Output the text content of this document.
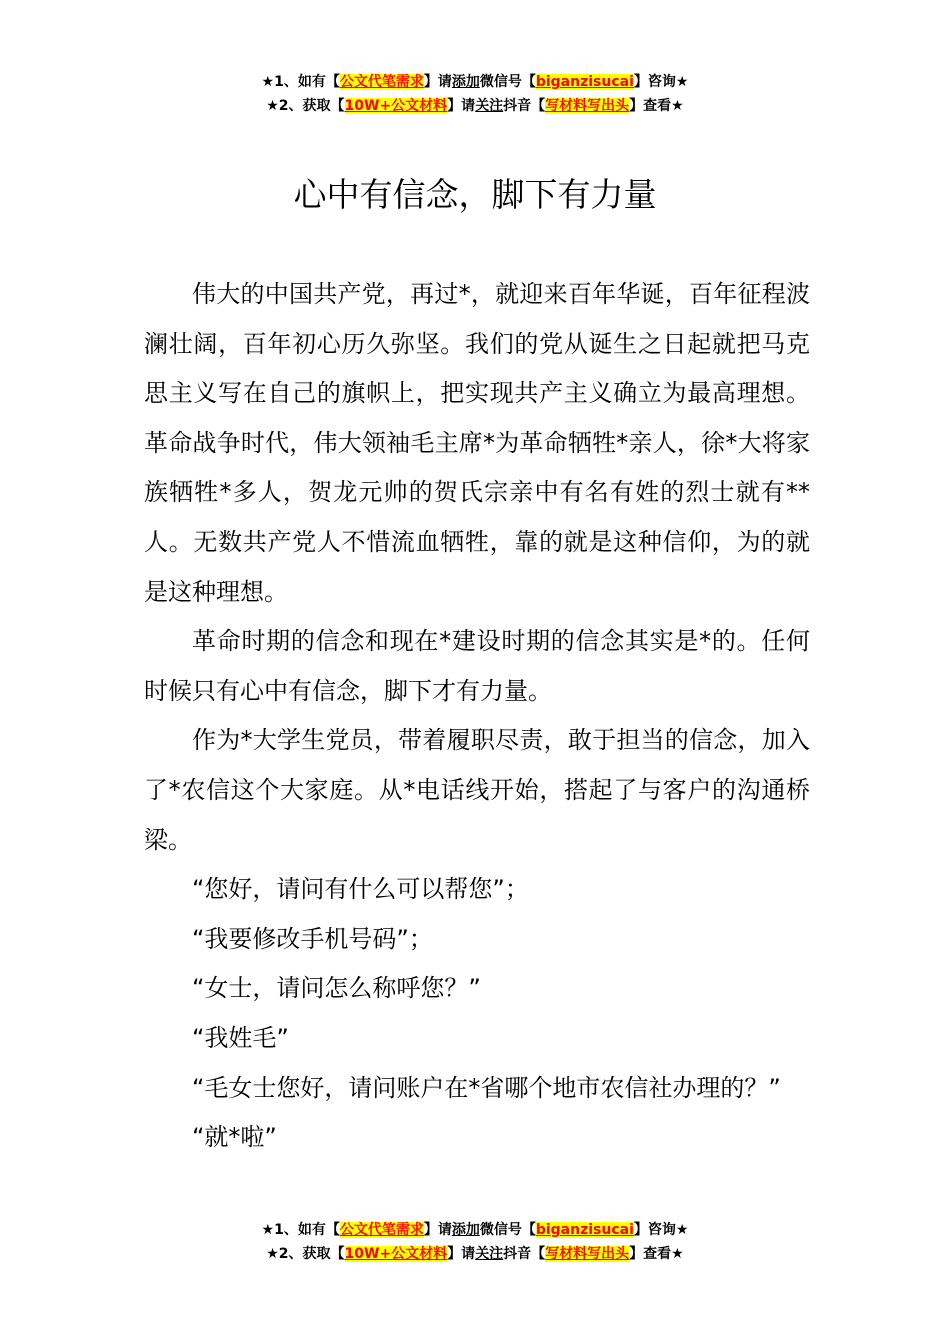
★1、如有【公文代笔需求】请添加微信号【biganzisucai】咨询★
★2、获取【10W+公文材料】请关注抖音【写材料写出头】查看★
心中有信念，脚下有力量

伟大的中国共产党，再过*，就迎来百年华诞，百年征程波澜壮阔，百年初心历久弥坚。我们的党从诞生之日起就把马克思主义写在自己的旗帜上，把实现共产主义确立为最高理想。革命战争时代，伟大领袖毛主席*为革命牺牲*亲人，徐*大将家族牺牲*多人，贺龙元帅的贺氏宗亲中有名有姓的烈士就有**人。无数共产党人不惜流血牺牲，靠的就是这种信仰，为的就是这种理想。

革命时期的信念和现在*建设时期的信念其实是*的。任何时候只有心中有信念，脚下才有力量。

作为*大学生党员，带着履职尽责，敢于担当的信念，加入了*农信这个大家庭。从*电话线开始，搭起了与客户的沟通桥梁。

“您好，请问有什么可以帮您”；

“我要修改手机号码”；

“女士，请问怎么称呼您？”

“我姓毛”

“毛女士您好，请问账户在*省哪个地市农信社办理的？”

“就*啦”

★1、如有【公文代笔需求】请添加微信号【biganzisucai】咨询★
★2、获取【10W+公文材料】请关注抖音【写材料写出头】查看★
